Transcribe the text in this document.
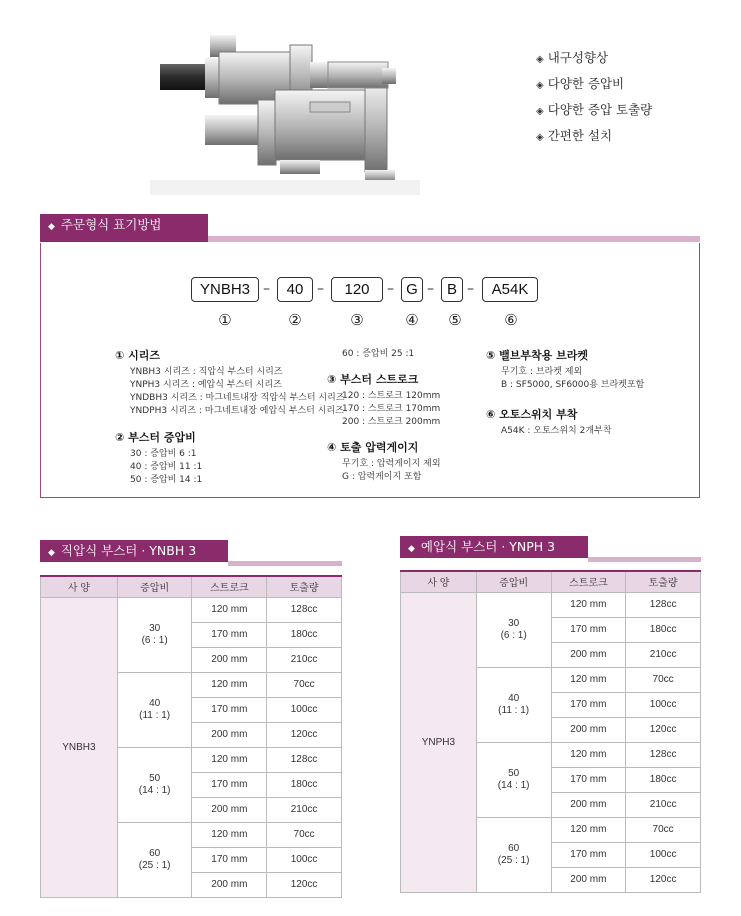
◈ 내구성향상
◈ 다양한 증압비
◈ 다양한 증압 토출량
◈ 간편한 설치
◆ 주문형식 표기방법
YNBH3 –	40 –	120	– G – B –	A54K
①	②	③	④	⑤	⑥
① 시리즈
YNBH3 시리즈 : 직압식 부스터 시리즈
YNPH3 시리즈 : 예압식 부스터 시리즈
YNDBH3 시리즈 : 마그네트내장 직압식 부스터 시리즈
YNDPH3 시리즈 : 마그네트내장 예압식 부스터 시리즈
② 부스터 증압비
30 : 증압비 6 :1
40 : 증압비 11 :1
50 : 증압비 14 :1
60 : 증압비 25 :1
③ 부스터 스트로크
120 : 스트로크 120mm
170 : 스트로크 170mm
200 : 스트로크 200mm
④ 토출 압력게이지
무기호 : 압력게이지 제외
G : 압력게이지 포함
⑤ 밸브부착용 브라켓
무기호 : 브라켓 제외
B : SF5000, SF6000용 브라켓포함
⑥ 오토스위치 부착
A54K : 오토스위치 2개부착
◆ 직압식 부스터 · YNBH 3
사 양	증압비	스트로크	토출량
YNBH3	30
(6 : 1)	120 mm	128cc
		170 mm	180cc
		200 mm	210cc

	40
(11 : 1)	120 mm	70cc
		170 mm	100cc
		200 mm	120cc

	50
(14 : 1)	120 mm	128cc
		170 mm	180cc
		200 mm	210cc

	60
(25 : 1)	120 mm	70cc
		170 mm	100cc
		200 mm	120cc
◆ 예압식 부스터 · YNPH 3
사 양	증압비	스트로크	토출량
YNPH3	30
(6 : 1)	120 mm	128cc
		170 mm	180cc
		200 mm	210cc

	40
(11 : 1)	120 mm	70cc
		170 mm	100cc
		200 mm	120cc

	50
(14 : 1)	120 mm	128cc
		170 mm	180cc
		200 mm	210cc

	60
(25 : 1)	120 mm	70cc
		170 mm	100cc
		200 mm	120cc
